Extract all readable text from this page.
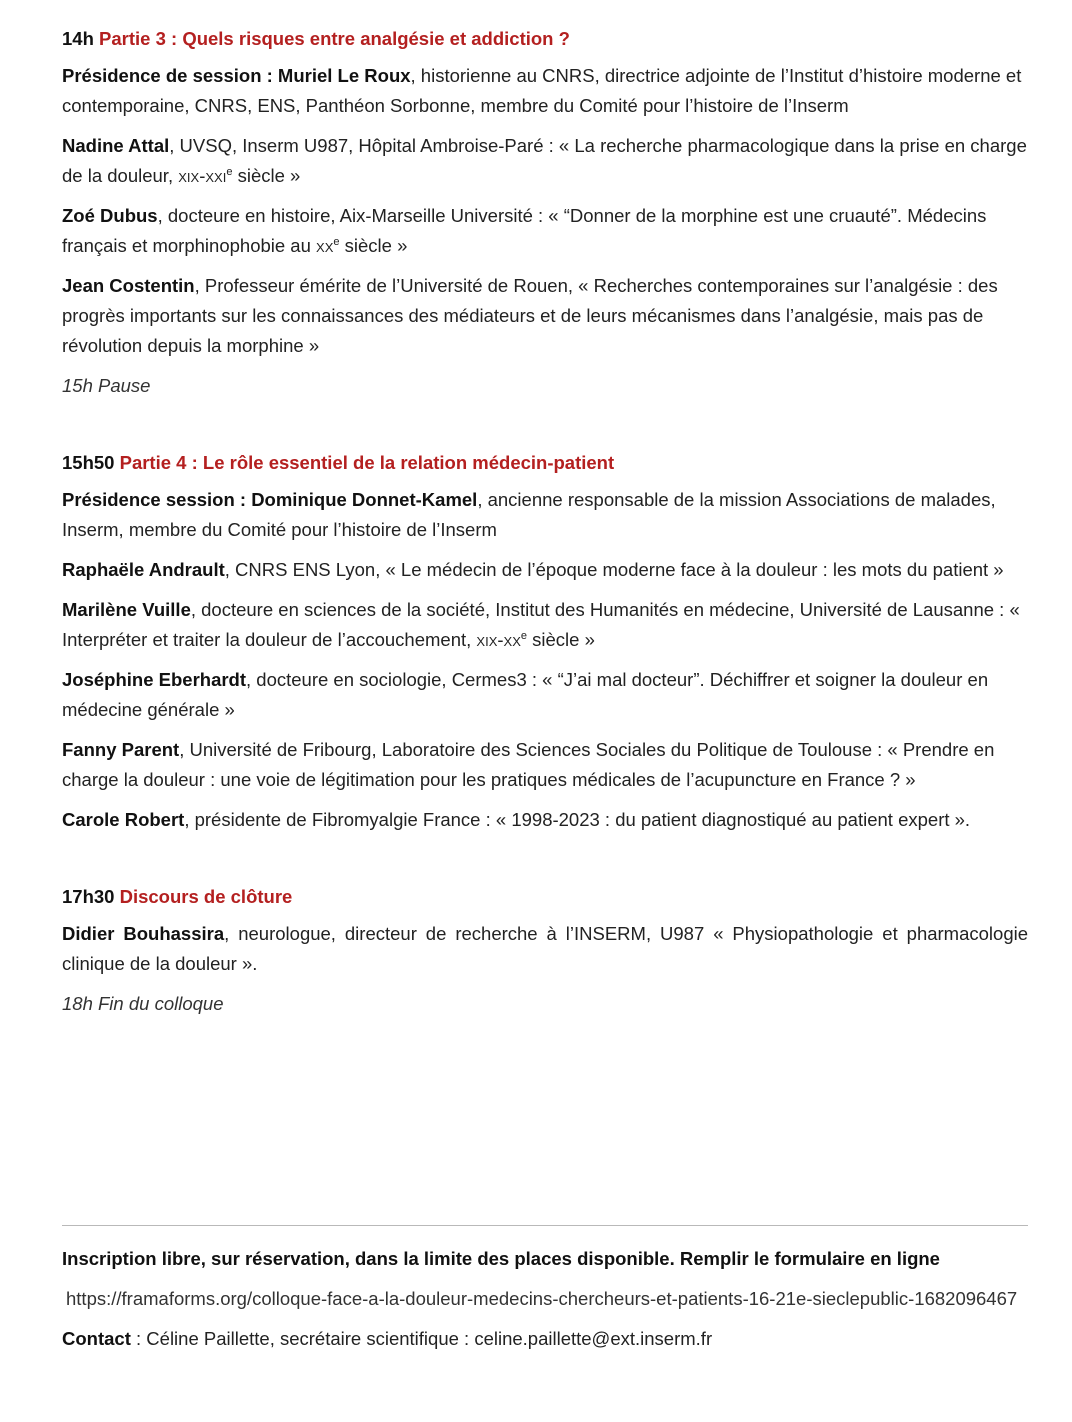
14h Partie 3 : Quels risques entre analgésie et addiction ?

Présidence de session : Muriel Le Roux, historienne au CNRS, directrice adjointe de l’Institut d’histoire moderne et contemporaine, CNRS, ENS, Panthéon Sorbonne, membre du Comité pour l’histoire de l’Inserm

Nadine Attal, UVSQ, Inserm U987, Hôpital Ambroise-Paré : « La recherche pharmacologique dans la prise en charge de la douleur, xix-xxi$^e$ siècle »

Zoé Dubus, docteure en histoire, Aix-Marseille Université : « “Donner de la morphine est une cruauté”. Médecins français et morphinophobie au $xx^e$ siècle »

Jean Costentin, Professeur émérite de l’Université de Rouen, « Recherches contemporaines sur l’analgésie : des progrès importants sur les connaissances des médiateurs et de leurs mécanismes dans l’analgésie, mais pas de révolution depuis la morphine »

15h Pause

15h50 Partie 4 : Le rôle essentiel de la relation médecin-patient

Présidence session : Dominique Donnet-Kamel, ancienne responsable de la mission Associations de malades, Inserm, membre du Comité pour l’histoire de l’Inserm

Raphaële Andrault, CNRS ENS Lyon, « Le médecin de l’époque moderne face à la douleur : les mots du patient »

Marilène Vuille, docteure en sciences de la société, Institut des Humanités en médecine, Université de Lausanne : « Interpréter et traiter la douleur de l’accouchement, xix-$xx^e$ siècle »

Joséphine Eberhardt, docteure en sociologie, Cermes3 : « “J’ai mal docteur”. Déchiffrer et soigner la douleur en médecine générale »

Fanny Parent, Université de Fribourg, Laboratoire des Sciences Sociales du Politique de Toulouse : « Prendre en charge la douleur : une voie de légitimation pour les pratiques médicales de l’acupuncture en France ? »

Carole Robert, présidente de Fibromyalgie France : « 1998-2023 : du patient diagnostiqué au patient expert ».

17h30 Discours de clôture

Didier Bouhassira, neurologue, directeur de recherche à l’INSERM, U987 « Physiopathologie et pharmacologie clinique de la douleur ».

18h Fin du colloque

Inscription libre, sur réservation, dans la limite des places disponible. Remplir le formulaire en ligne

https://framaforms.org/colloque-face-a-la-douleur-medecins-chercheurs-et-patients-16-21e-sieclepublic-1682096467

Contact : Céline Paillette, secrétaire scientifique : celine.paillette@ext.inserm.fr
